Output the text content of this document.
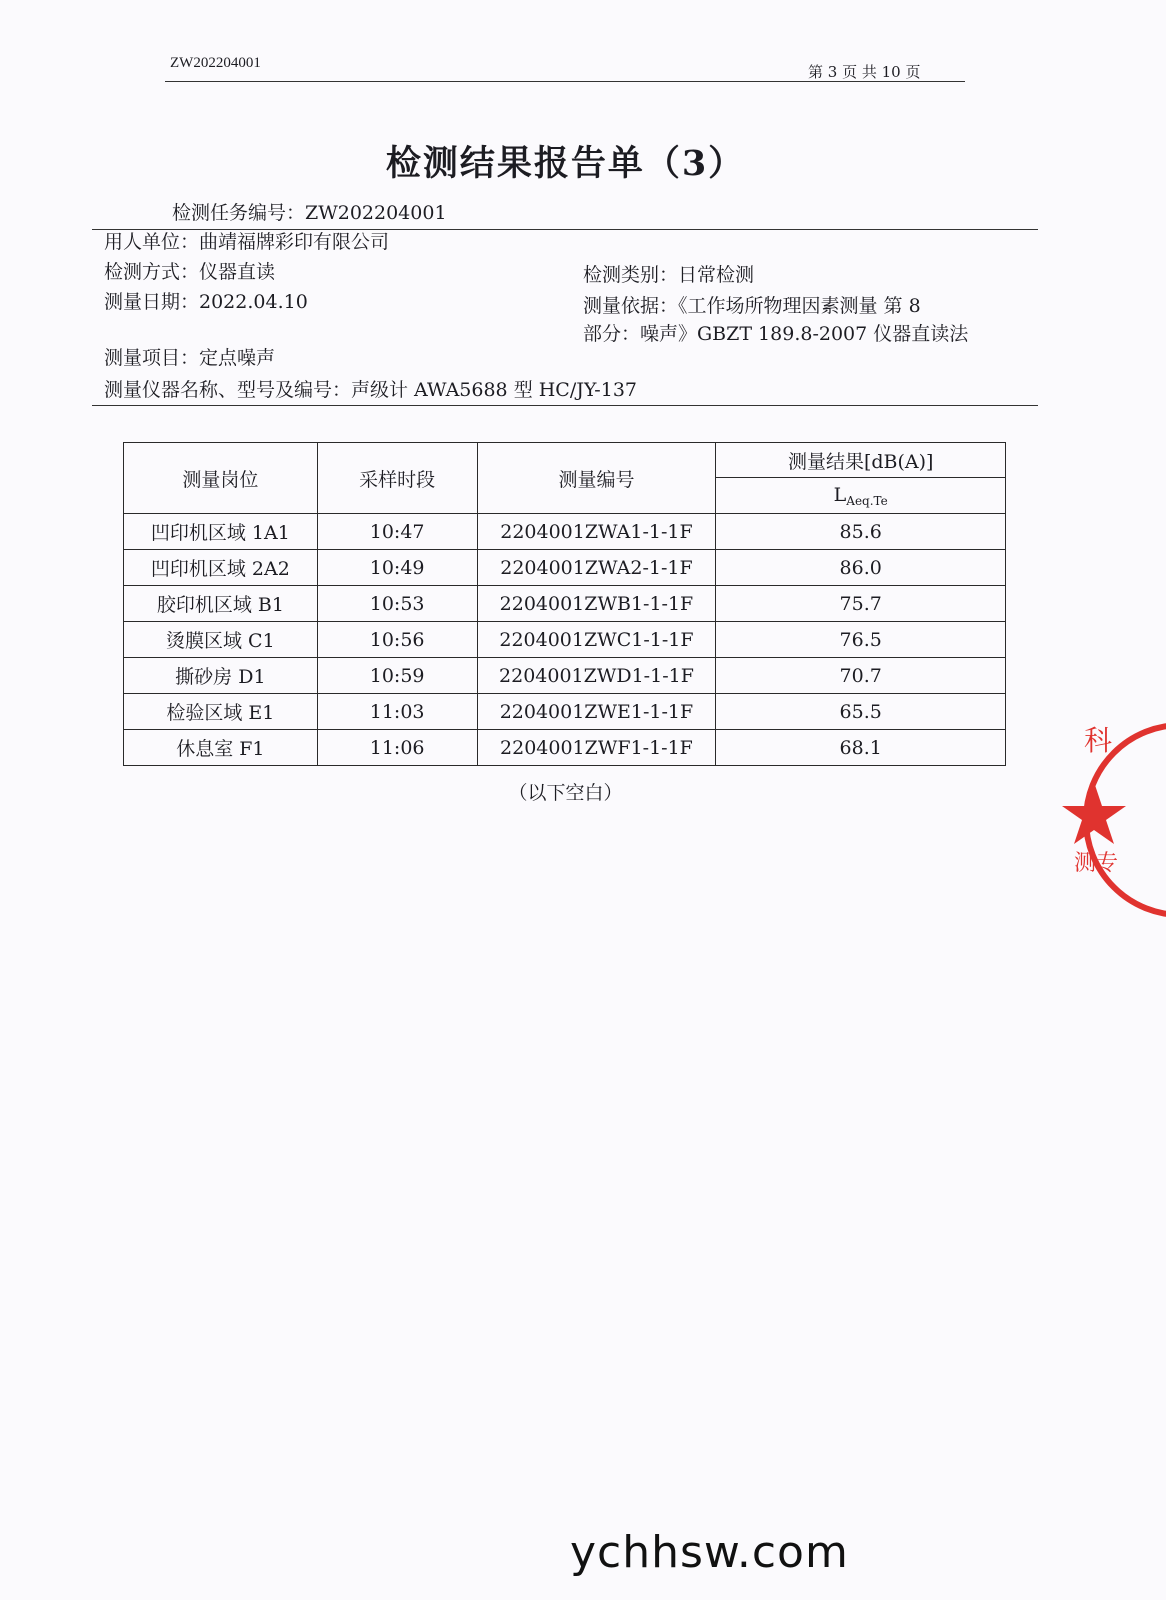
ZW202204001	第 3 页 共 10 页
检测结果报告单（3）
检测任务编号：ZW202204001
用人单位：曲靖福牌彩印有限公司
检测方式：仪器直读	检测类别：日常检测
测量日期：2022.04.10	测量依据：《工作场所物理因素测量 第 8
部分：噪声》GBZT 189.8-2007 仪器直读法
测量项目：定点噪声
测量仪器名称、型号及编号：声级计 AWA5688 型 HC/JY-137
测量岗位	采样时段	测量编号	测量结果[dB(A)]
			$L_{Aeq.Te}$
凹印机区域 1A1	10:47	2204001ZWA1-1-1F	85.6
凹印机区域 2A2	10:49	2204001ZWA2-1-1F	86.0
胶印机区域 B1	10:53	2204001ZWB1-1-1F	75.7
烫膜区域 C1	10:56	2204001ZWC1-1-1F	76.5
撕砂房 D1	10:59	2204001ZWD1-1-1F	70.7
检验区域 E1	11:03	2204001ZWE1-1-1F	65.5
休息室 F1	11:06	2204001ZWF1-1-1F	68.1
（以下空白）
科
测专
ychhsw.com
